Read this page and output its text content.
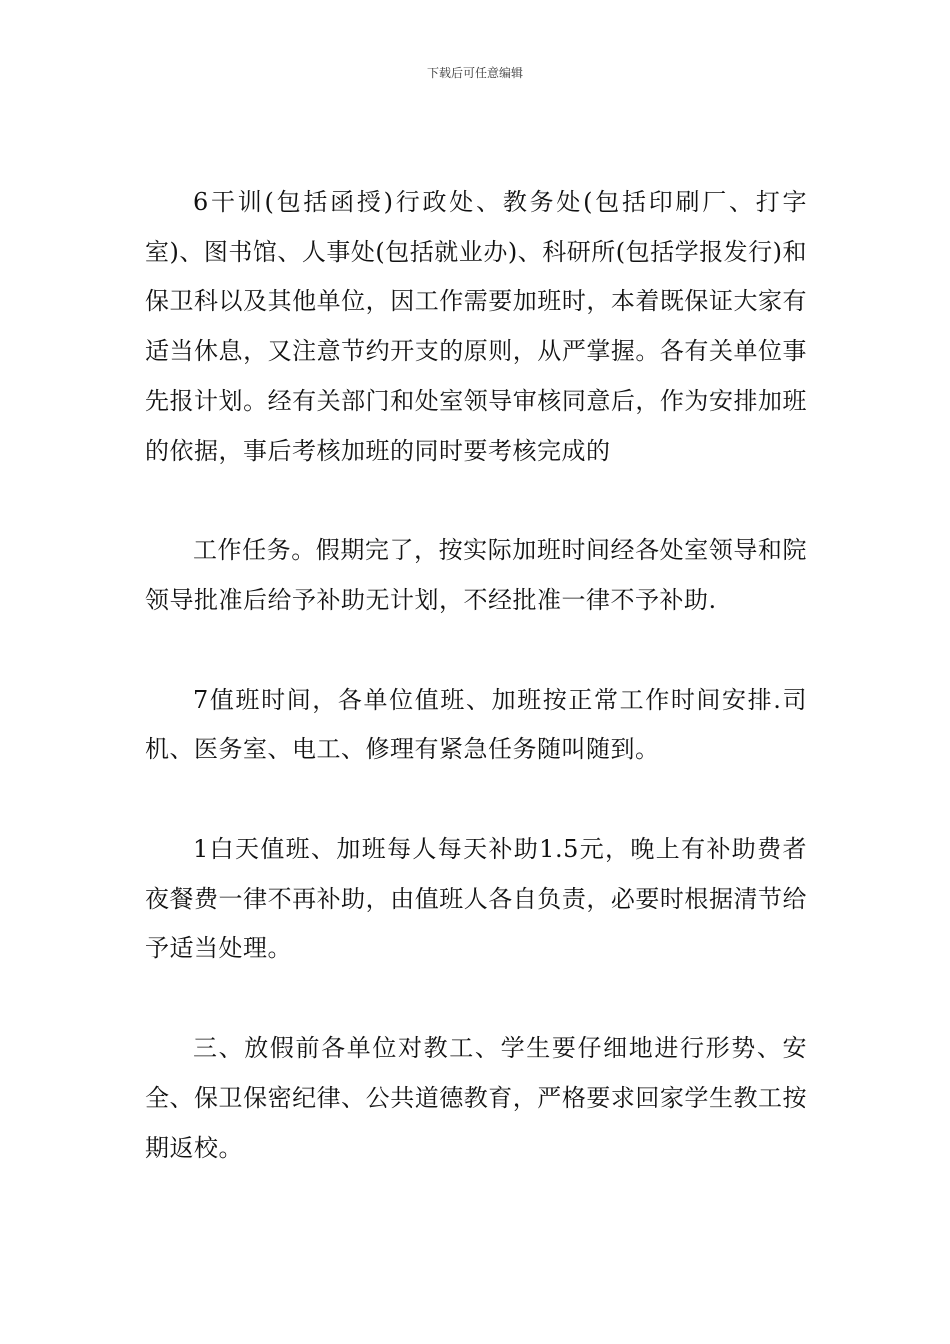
下载后可任意编辑

6干训(包括函授)行政处、教务处(包括印刷厂、打字室)、图书馆、人事处(包括就业办)、科研所(包括学报发行)和保卫科以及其他单位，因工作需要加班时，本着既保证大家有适当休息，又注意节约开支的原则，从严掌握。各有关单位事先报计划。经有关部门和处室领导审核同意后，作为安排加班的依据，事后考核加班的同时要考核完成的

工作任务。假期完了，按实际加班时间经各处室领导和院领导批准后给予补助无计划，不经批准一律不予补助.

7值班时间，各单位值班、加班按正常工作时间安排.司机、医务室、电工、修理有紧急任务随叫随到。

1白天值班、加班每人每天补助1.5元，晚上有补助费者夜餐费一律不再补助，由值班人各自负责，必要时根据清节给予适当处理。

三、放假前各单位对教工、学生要仔细地进行形势、安全、保卫保密纪律、公共道德教育，严格要求回家学生教工按期返校。
